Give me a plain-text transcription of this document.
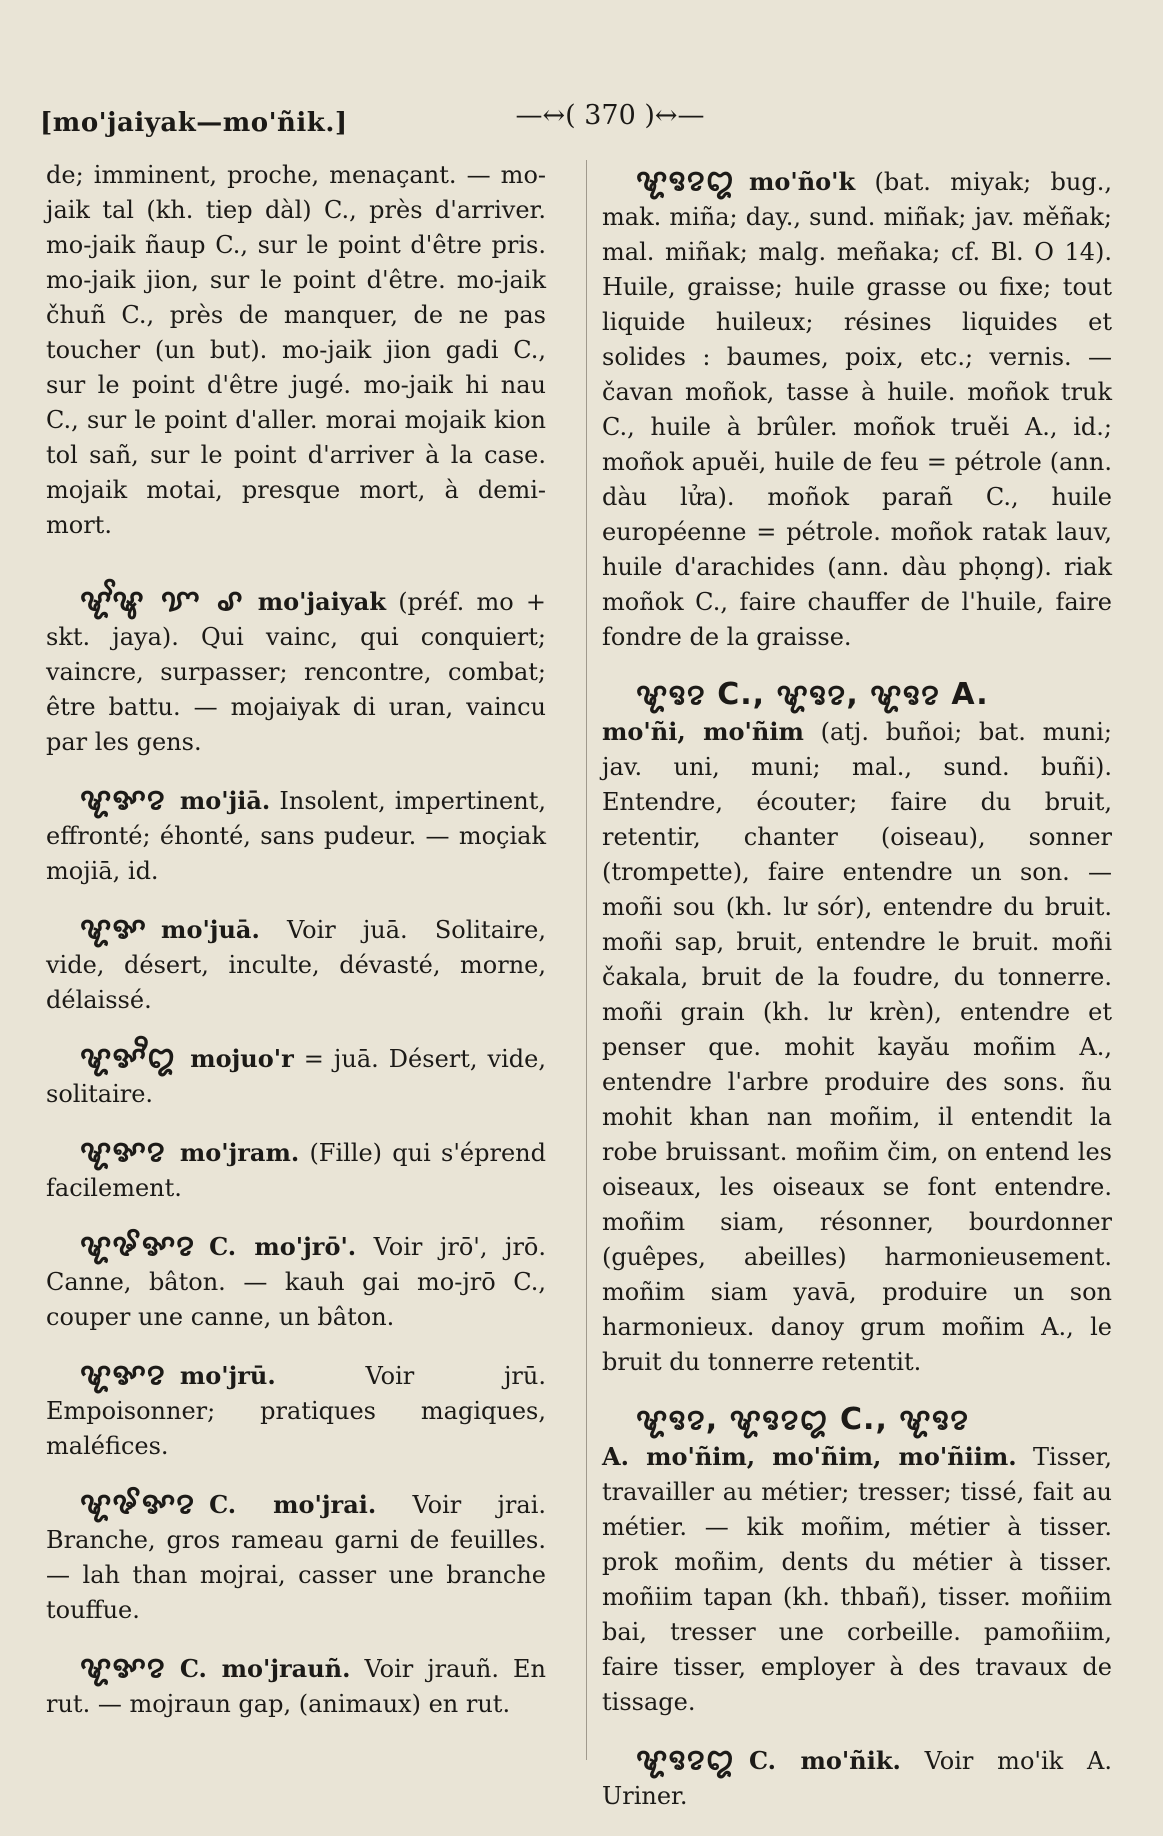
[mo'jaiyak—mo'ñik.]	—↔( 370 )↔—

de; imminent, proche, menaçant. — mo- jaik tal (kh. tiep dàl) C., près d'arriver. mo-jaik ñaup C., sur le point d'être pris. mo-jaik jion, sur le point d'être. mo-jaik čhuñ C., près de manquer, de ne pas toucher (un but). mo-jaik jion gadi C., sur le point d'être jugé. mo-jaik hi nau C., sur le point d'aller. morai mojaik kion tol sañ, sur le point d'arriver à la case. mojaik motai, presque mort, à demi-mort.

ꨠꨩꨡ ꨢ ꨣ mo'jaiyak (préf. mo + skt. jaya). Qui vainc, qui conquiert; vaincre, surpasser; rencontre, combat; être battu. — mojaiyak di uran, vaincu par les gens.

ꨠꨀꨂ mo'jiā. Insolent, impertinent, effronté; éhonté, sans pudeur. — moçiak mojiā, id.

ꨠꨀ mo'juā. Voir juā. Solitaire, vide, désert, inculte, dévasté, morne, délaissé.

ꨠꨀꨪꨁ mojuo'r = juā. Désert, vide, solitaire.

ꨠꨀꨂ mo'jram. (Fille) qui s'éprend facilement.

ꨠꨃꨀꨂ C. mo'jrō'. Voir jrō', jrō. Canne, bâton. — kauh gai mo-jrō C., couper une canne, un bâton.

ꨠꨀꨂ mo'jrū.	Voir jrū. Empoisonner; pratiques magiques, maléfices.

ꨠꨃꨀꨂ C. mo'jrai. Voir jrai. Branche, gros rameau garni de feuilles. — lah than mojrai, casser une branche touffue.

ꨠꨀꨂ C. mo'jrauñ. Voir jrauñ. En rut. — mojraun gap, (animaux) en rut.

ꨠꨅꨂꨁ mo'ño'k (bat. miyak; bug., mak. miña; day., sund. miñak; jav. měñak; mal. miñak; malg. meñaka; cf. Bl. O 14). Huile, graisse; huile grasse ou fixe; tout liquide huileux; résines liquides et solides : baumes, poix, etc.; vernis. — čavan moñok, tasse à huile. moñok truk C., huile à brûler. moñok truěi A., id.; moñok apuěi, huile de feu = pétrole (ann. dàu lửa). moñok parañ C., huile européenne = pétrole. moñok ratak lauv, huile d'arachides (ann. dàu phọng). riak moñok C., faire chauffer de l'huile, faire fondre de la graisse.

ꨠꨅꨂ C., ꨠꨅꨂ, ꨠꨅꨂ A.
mo'ñi, mo'ñim (atj. buñoi; bat. muni; jav. uni, muni; mal., sund. buñi). Entendre, écouter; faire du bruit, retentir, chanter (oiseau), sonner (trompette), faire entendre un son. — moñi sou (kh. lư sór), entendre du bruit. moñi sap, bruit, entendre le bruit. moñi čakala, bruit de la foudre, du tonnerre. moñi grain (kh. lư krèn), entendre et penser que. mohit kayău moñim A., entendre l'arbre produire des sons. ñu mohit khan nan moñim, il entendit la robe bruissant. moñim čim, on entend les oiseaux, les oiseaux se font entendre. moñim siam, résonner, bourdonner (guêpes, abeilles) harmonieusement. moñim siam yavā, produire un son harmonieux. danoy grum moñim A., le bruit du tonnerre retentit.

ꨠꨅꨂ, ꨠꨅꨂꨁ C., ꨠꨅꨂ
A. mo'ñim, mo'ñim, mo'ñiim. Tisser, travailler au métier; tresser; tissé, fait au métier. — kik moñim, métier à tisser. prok moñim, dents du métier à tisser. moñiim tapan (kh. thbañ), tisser. moñiim bai, tresser une corbeille. pamoñiim, faire tisser, employer à des travaux de tissage.

ꨠꨅꨂꨁ C. mo'ñik. Voir mo'ik A. Uriner.
